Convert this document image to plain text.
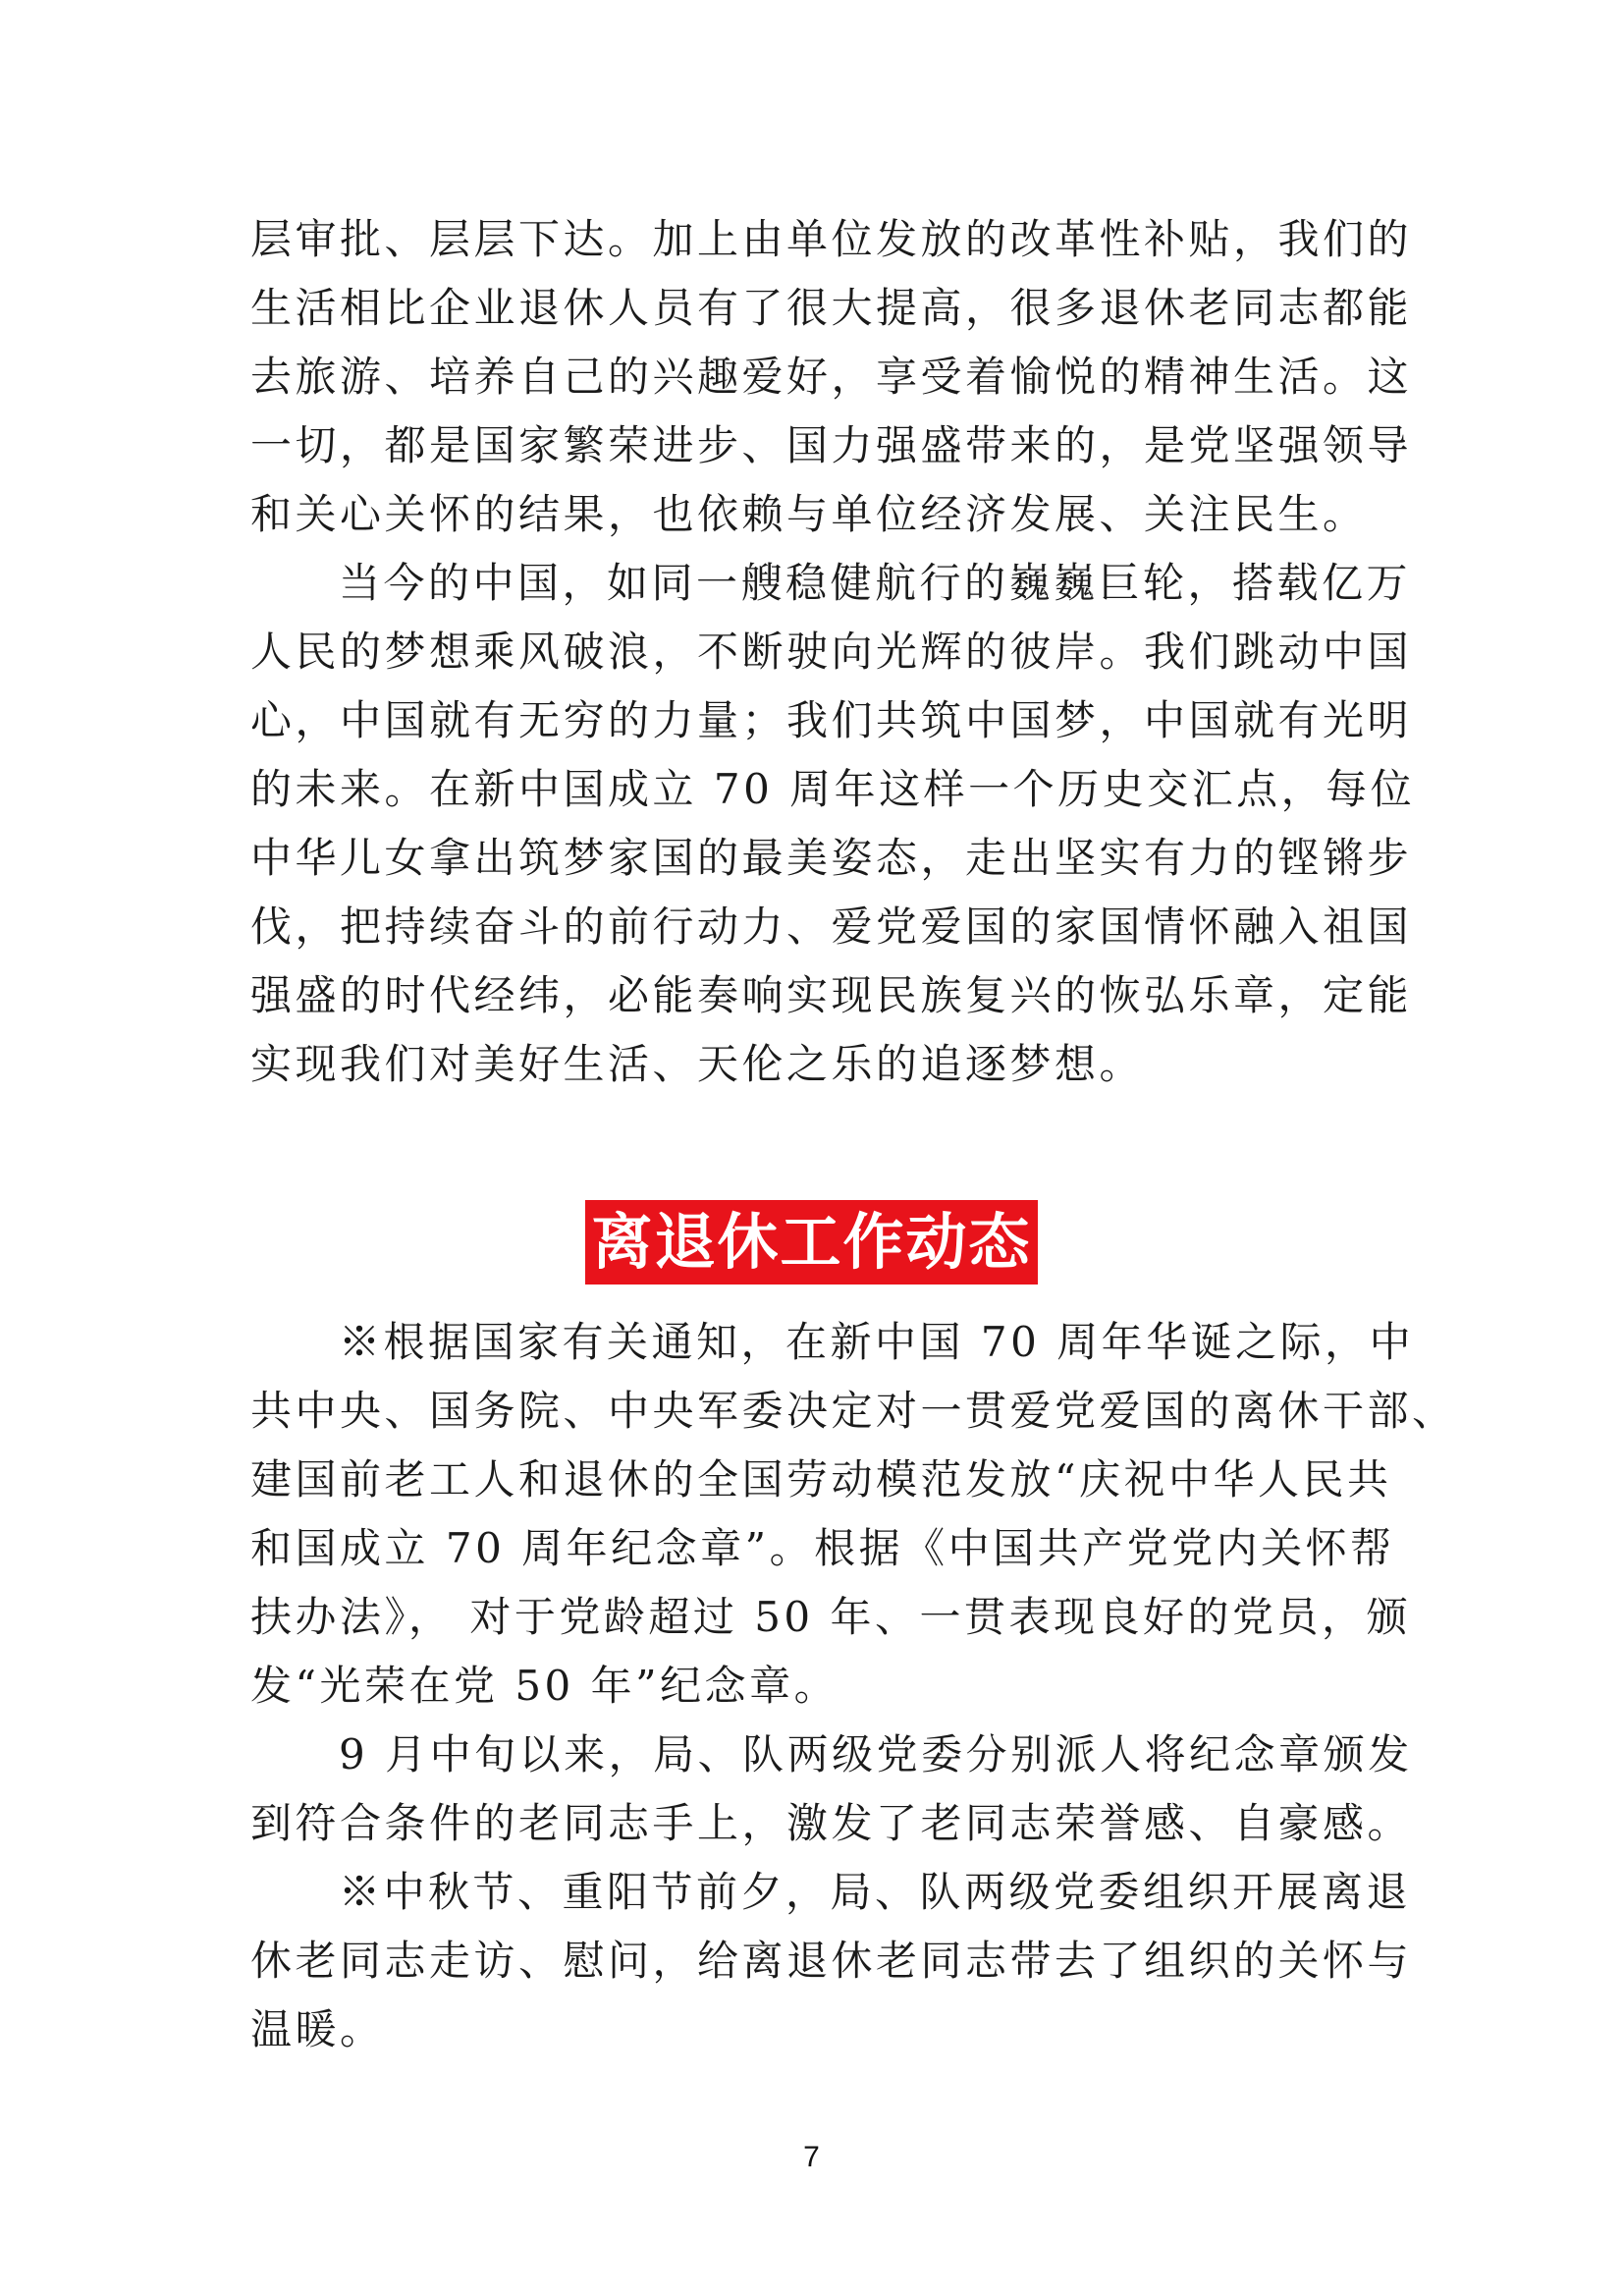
层审批、层层下达。加上由单位发放的改革性补贴，我们的
生活相比企业退休人员有了很大提高，很多退休老同志都能
去旅游、培养自己的兴趣爱好，享受着愉悦的精神生活。这
一切，都是国家繁荣进步、国力强盛带来的，是党坚强领导
和关心关怀的结果，也依赖与单位经济发展、关注民生。
当今的中国，如同一艘稳健航行的巍巍巨轮，搭载亿万
人民的梦想乘风破浪，不断驶向光辉的彼岸。我们跳动中国
心，中国就有无穷的力量；我们共筑中国梦，中国就有光明
的未来。在新中国成立 70 周年这样一个历史交汇点，每位
中华儿女拿出筑梦家国的最美姿态，走出坚实有力的铿锵步
伐，把持续奋斗的前行动力、爱党爱国的家国情怀融入祖国
强盛的时代经纬，必能奏响实现民族复兴的恢弘乐章，定能
实现我们对美好生活、天伦之乐的追逐梦想。
离退休工作动态
※根据国家有关通知，在新中国 70 周年华诞之际，中
共中央、国务院、中央军委决定对一贯爱党爱国的离休干部、
建国前老工人和退休的全国劳动模范发放“庆祝中华人民共
和国成立 70 周年纪念章”。根据《中国共产党党内关怀帮
扶办法》， 对于党龄超过 50 年、一贯表现良好的党员，颁
发“光荣在党 50 年”纪念章。
9 月中旬以来，局、队两级党委分别派人将纪念章颁发
到符合条件的老同志手上，激发了老同志荣誉感、自豪感。
※中秋节、重阳节前夕，局、队两级党委组织开展离退
休老同志走访、慰问，给离退休老同志带去了组织的关怀与
温暖。
7
